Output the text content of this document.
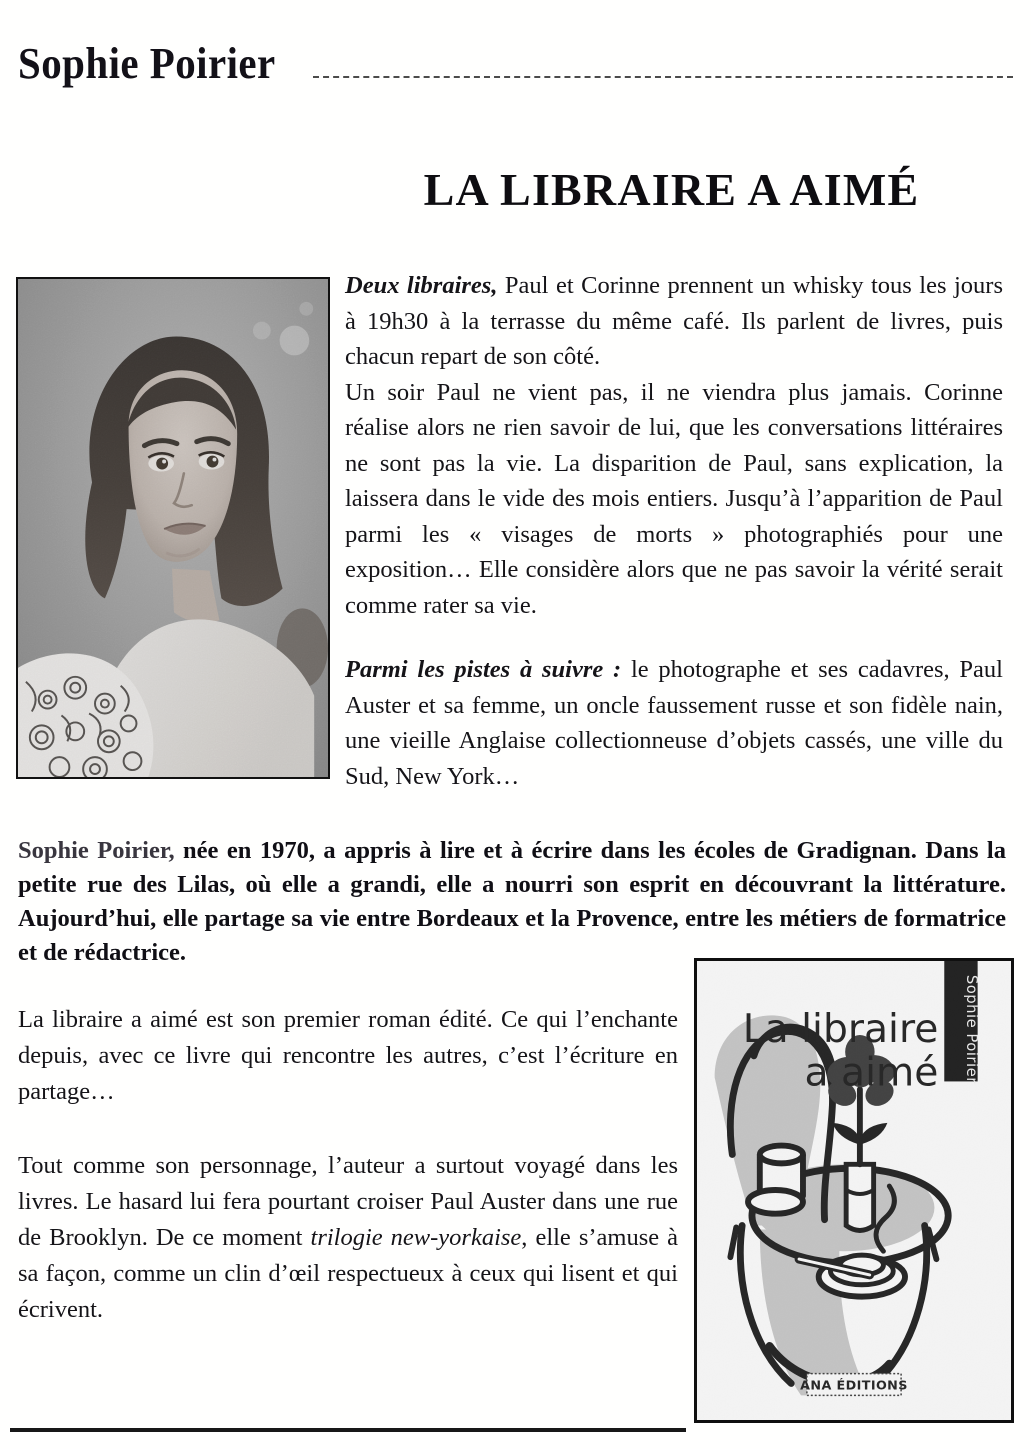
Sophie Poirier
LA LIBRAIRE A AIMÉ

Deux libraires, Paul et Corinne prennent un whisky tous les jours à 19h30 à la terrasse du même café. Ils parlent de livres, puis chacun repart de son côté.

Un soir Paul ne vient pas, il ne viendra plus jamais. Corinne réalise alors ne rien savoir de lui, que les conversations littéraires ne sont pas la vie. La disparition de Paul, sans explication, la laissera dans le vide des mois entiers. Jusqu’à l’apparition de Paul parmi les « visages de morts » photographiés pour une exposition… Elle considère alors que ne pas savoir la vérité serait comme rater sa vie.

Parmi les pistes à suivre : le photographe et ses cadavres, Paul Auster et sa femme, un oncle faussement russe et son fidèle nain, une vieille Anglaise collectionneuse d’objets cassés, une ville du Sud, New York…

Sophie Poirier, née en 1970, a appris à lire et à écrire dans les écoles de Gradignan. Dans la petite rue des Lilas, où elle a grandi, elle a nourri son esprit en découvrant la littérature. Aujourd’hui, elle partage sa vie entre Bordeaux et la Provence, entre les métiers de formatrice et de rédactrice.

La libraire a aimé est son premier roman édité. Ce qui l’enchante depuis, avec ce livre qui rencontre les autres, c’est l’écriture en partage…

Tout comme son personnage, l’auteur a surtout voyagé dans les livres. Le hasard lui fera pourtant croiser Paul Auster dans une rue de Brooklyn. De ce moment trilogie new-yorkaise, elle s’amuse à sa façon, comme un clin d’œil respectueux à ceux qui lisent et qui écrivent.

La libraire
a aimé Sophie Poirier
ANA ÉDITIONS
